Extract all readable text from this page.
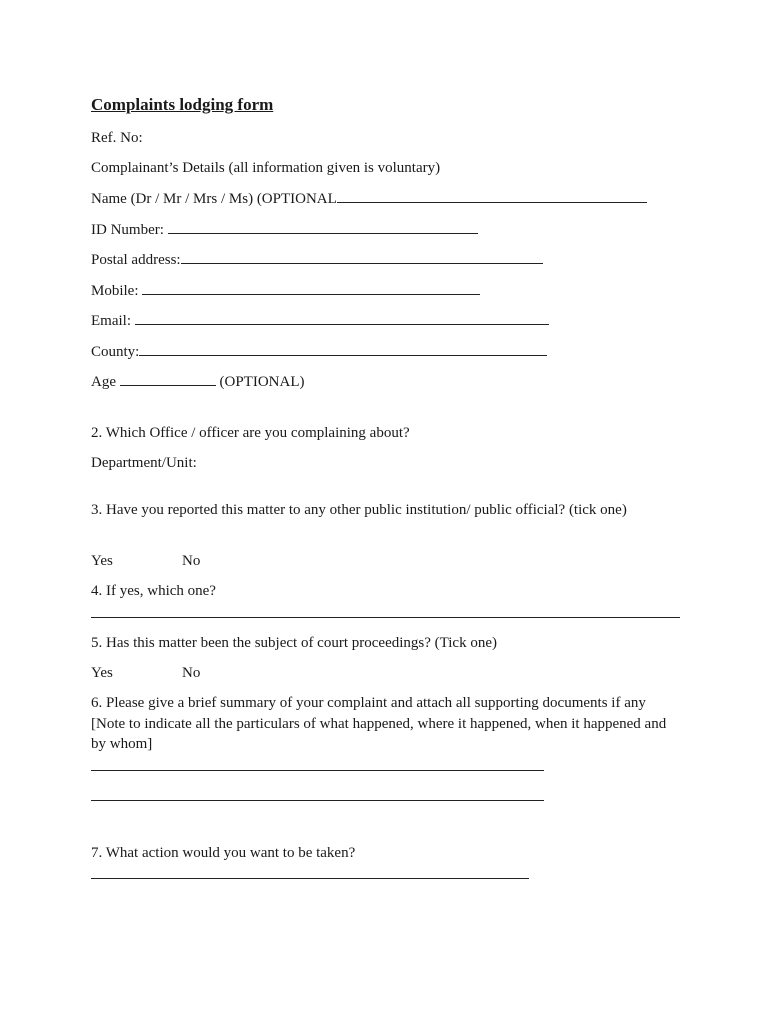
Complaints lodging form
Ref. No:
Complainant’s Details (all information given is voluntary)
Name (Dr / Mr / Mrs / Ms) (OPTIONAL
ID Number:
Postal address:
Mobile:
Email:
County:
Age	(OPTIONAL)
2. Which Office / officer are you complaining about?
Department/Unit:
3. Have you reported this matter to any other public institution/ public official? (tick one)
Yes	No
4. If yes, which one?
5. Has this matter been the subject of court proceedings? (Tick one)
Yes	No
6. Please give a brief summary of your complaint and attach all supporting documents if any [Note to indicate all the particulars of what happened, where it happened, when it happened and by whom]
7. What action would you want to be taken?
